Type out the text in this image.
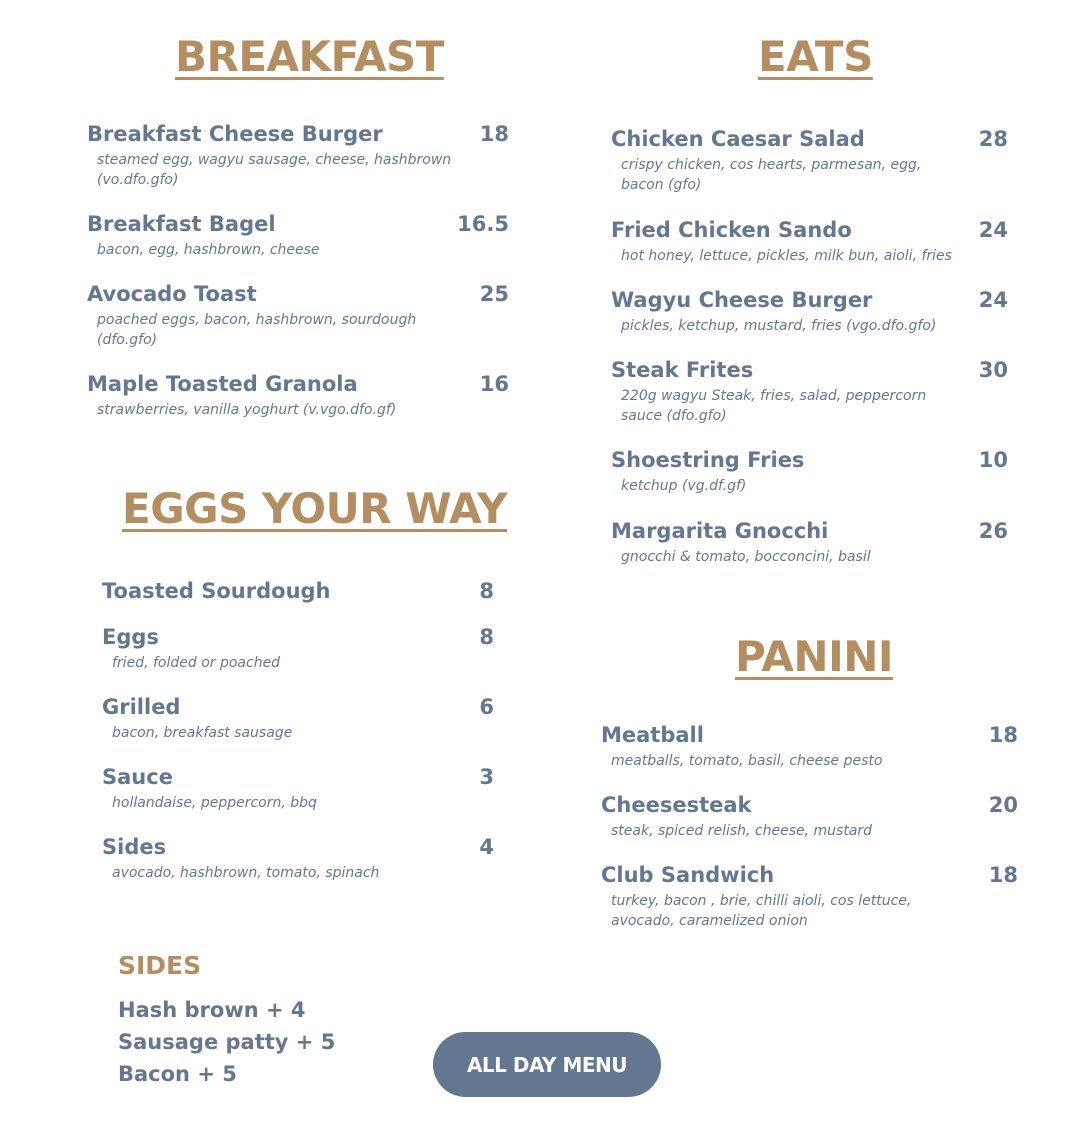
BREAKFAST
Breakfast Cheese Burger	18
steamed egg, wagyu sausage, cheese, hashbrown (vo.dfo.gfo)
Breakfast Bagel	16.5
bacon, egg, hashbrown, cheese
Avocado Toast	25
poached eggs, bacon, hashbrown, sourdough (dfo.gfo)
Maple Toasted Granola	16
strawberries, vanilla yoghurt (v.vgo.dfo.gf)
EGGS YOUR WAY
Toasted Sourdough	8
Eggs	8
fried, folded or poached
Grilled	6
bacon, breakfast sausage
Sauce	3
hollandaise, peppercorn, bbq
Sides	4
avocado, hashbrown, tomato, spinach
SIDES
Hash brown + 4
Sausage patty + 5
Bacon + 5
EATS
Chicken Caesar Salad	28
crispy chicken, cos hearts, parmesan, egg, bacon (gfo)
Fried Chicken Sando	24
hot honey, lettuce, pickles, milk bun, aioli, fries
Wagyu Cheese Burger	24
pickles, ketchup, mustard, fries (vgo.dfo.gfo)
Steak Frites	30
220g wagyu Steak, fries, salad, peppercorn sauce (dfo.gfo)
Shoestring Fries	10
ketchup (vg.df.gf)
Margarita Gnocchi	26
gnocchi & tomato, bocconcini, basil
PANINI
Meatball	18
meatballs, tomato, basil, cheese pesto
Cheesesteak	20
steak, spiced relish, cheese, mustard
Club Sandwich	18
turkey, bacon , brie, chilli aioli, cos lettuce, avocado, caramelized onion
ALL DAY MENU
